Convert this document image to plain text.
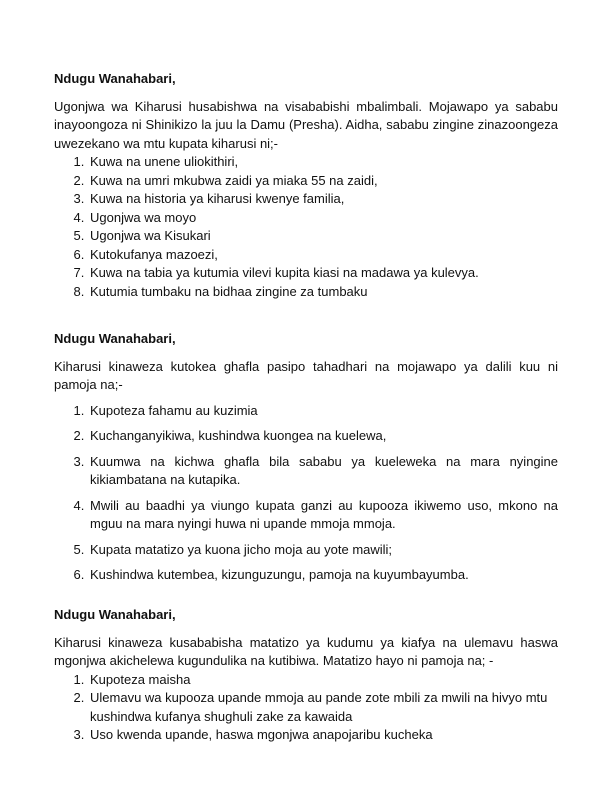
Ndugu Wanahabari,

Ugonjwa wa Kiharusi husabishwa na visababishi mbalimbali. Mojawapo ya sababu inayoongoza ni Shinikizo la juu la Damu (Presha). Aidha, sababu zingine zinazoongeza uwezekano wa mtu kupata kiharusi ni;-

1. Kuwa na unene uliokithiri,
2. Kuwa na umri mkubwa zaidi ya miaka 55 na zaidi,
3. Kuwa na historia ya kiharusi kwenye familia,
4. Ugonjwa wa moyo
5. Ugonjwa wa Kisukari
6. Kutokufanya mazoezi,
7. Kuwa na tabia ya kutumia vilevi kupita kiasi na madawa ya kulevya.
8. Kutumia tumbaku na bidhaa zingine za tumbaku

Ndugu Wanahabari,

Kiharusi kinaweza kutokea ghafla pasipo tahadhari na mojawapo ya dalili kuu ni pamoja na;-

1. Kupoteza fahamu au kuzimia
2. Kuchanganyikiwa, kushindwa kuongea na kuelewa,
3. Kuumwa na kichwa ghafla bila sababu ya kueleweka na mara nyingine kikiambatana na kutapika.
4. Mwili au baadhi ya viungo kupata ganzi au kupooza ikiwemo uso, mkono na mguu na mara nyingi huwa ni upande mmoja mmoja.
5. Kupata matatizo ya kuona jicho moja au yote mawili;
6. Kushindwa kutembea, kizunguzungu, pamoja na kuyumbayumba.

Ndugu Wanahabari,

Kiharusi kinaweza kusababisha matatizo ya kudumu ya kiafya na ulemavu haswa mgonjwa akichelewa kugundulika na kutibiwa. Matatizo hayo ni pamoja na; -

1. Kupoteza maisha
2. Ulemavu wa kupooza upande mmoja au pande zote mbili za mwili na hivyo mtu kushindwa kufanya shughuli zake za kawaida
3. Uso kwenda upande, haswa mgonjwa anapojaribu kucheka
